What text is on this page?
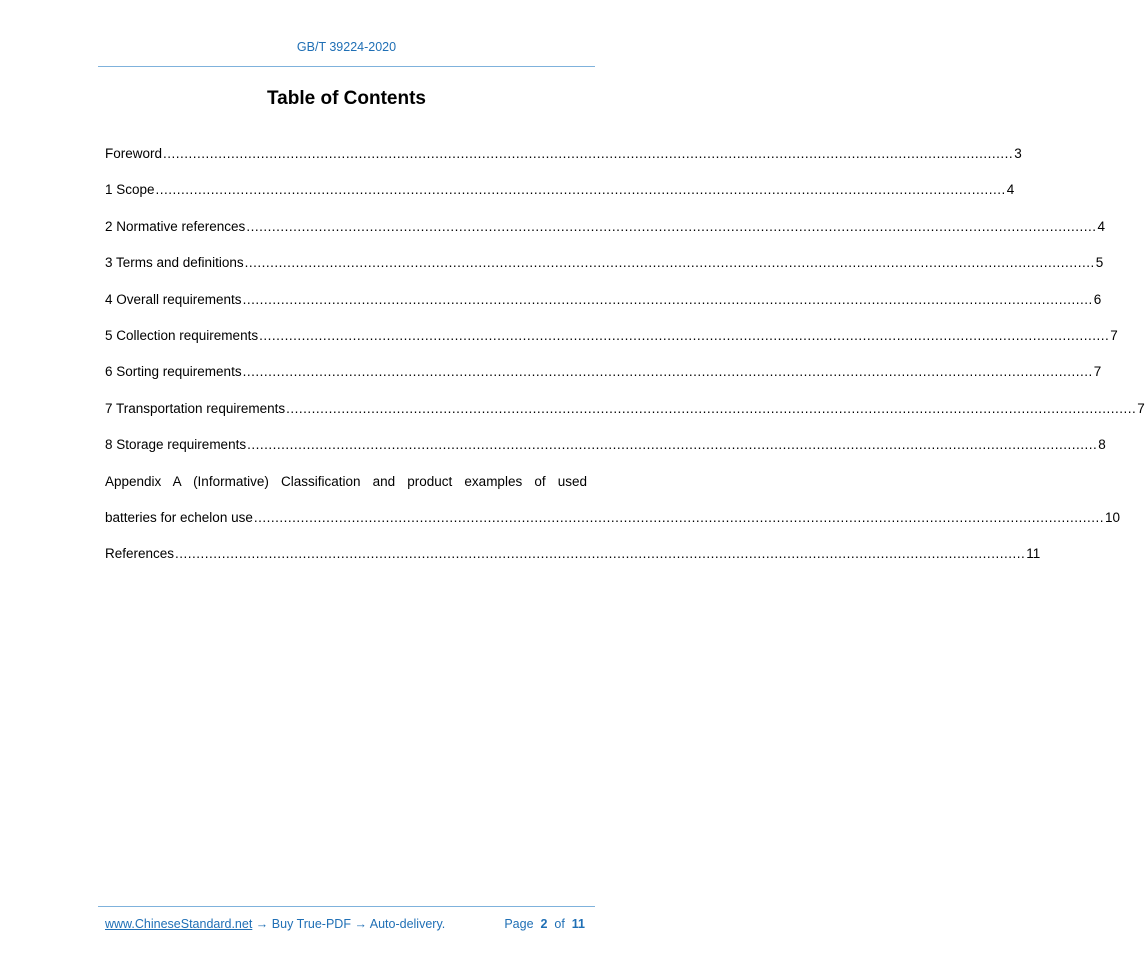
GB/T 39224-2020
Table of Contents
Foreword ........................................................................................................................................................................................................ 3
1 Scope ........................................................................................................................................................................................................ 4
2 Normative references ........................................................................................................................................................................................................ 4
3 Terms and definitions ........................................................................................................................................................................................................ 5
4 Overall requirements ........................................................................................................................................................................................................ 6
5 Collection requirements ........................................................................................................................................................................................................ 7
6 Sorting requirements ........................................................................................................................................................................................................ 7
7 Transportation requirements ........................................................................................................................................................................................................ 7
8 Storage requirements ........................................................................................................................................................................................................ 8
Appendix A (Informative) Classification and product examples of used
batteries for echelon use ........................................................................................................................................................................................................ 10
References ........................................................................................................................................................................................................ 11
www.ChineseStandard.net → Buy True-PDF → Auto-delivery.	Page 2 of 11
